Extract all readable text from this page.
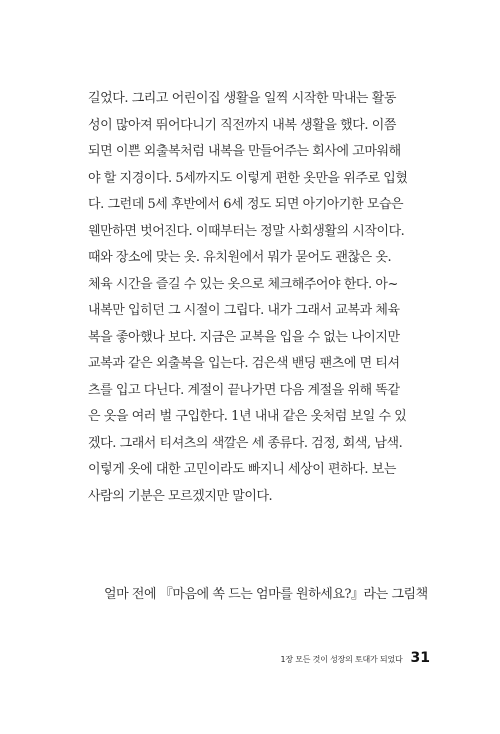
길었다. 그리고 어린이집 생활을 일찍 시작한 막내는 활동
성이 많아져 뛰어다니기 직전까지 내복 생활을 했다. 이쯤
되면 이쁜 외출복처럼 내복을 만들어주는 회사에 고마워해
야 할 지경이다. 5세까지도 이렇게 편한 옷만을 위주로 입혔
다. 그런데 5세 후반에서 6세 정도 되면 아기아기한 모습은
웬만하면 벗어진다. 이때부터는 정말 사회생활의 시작이다.
때와 장소에 맞는 옷. 유치원에서 뭐가 묻어도 괜찮은 옷.
체육 시간을 즐길 수 있는 옷으로 체크해주어야 한다. 아~
내복만 입히던 그 시절이 그립다. 내가 그래서 교복과 체육
복을 좋아했나 보다. 지금은 교복을 입을 수 없는 나이지만
교복과 같은 외출복을 입는다. 검은색 밴딩 팬츠에 면 티셔
츠를 입고 다닌다. 계절이 끝나가면 다음 계절을 위해 똑같
은 옷을 여러 벌 구입한다. 1년 내내 같은 옷처럼 보일 수 있
겠다. 그래서 티셔츠의 색깔은 세 종류다. 검정, 회색, 남색.
이렇게 옷에 대한 고민이라도 빠지니 세상이 편하다. 보는
사람의 기분은 모르겠지만 말이다.
얼마 전에 『마음에 쏙 드는 엄마를 원하세요?』라는 그림책
1장 모든 것이 성장의 토대가 되었다 31
